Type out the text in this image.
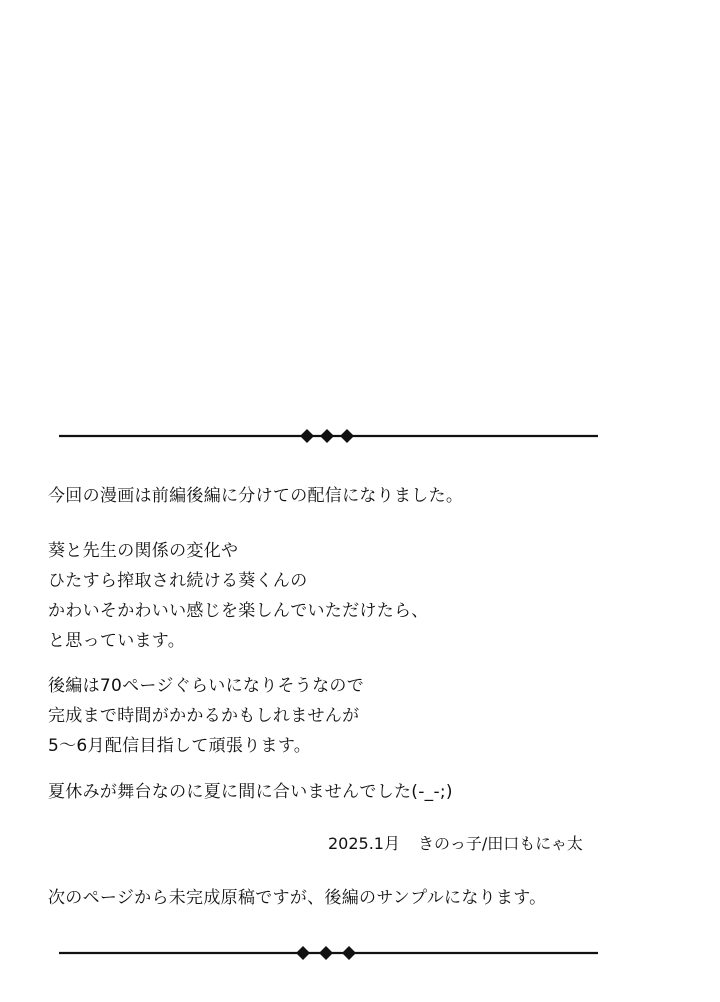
今回の漫画は前編後編に分けての配信になりました。
葵と先生の関係の変化や
ひたすら搾取され続ける葵くんの
かわいそかわいい感じを楽しんでいただけたら、
と思っています。
後編は70ページぐらいになりそうなので
完成まで時間がかかるかもしれませんが
5〜6月配信目指して頑張ります。
夏休みが舞台なのに夏に間に合いませんでした(-_-;)
2025.1月 きのっ子/田口もにゃ太
次のページから未完成原稿ですが、後編のサンプルになります。
